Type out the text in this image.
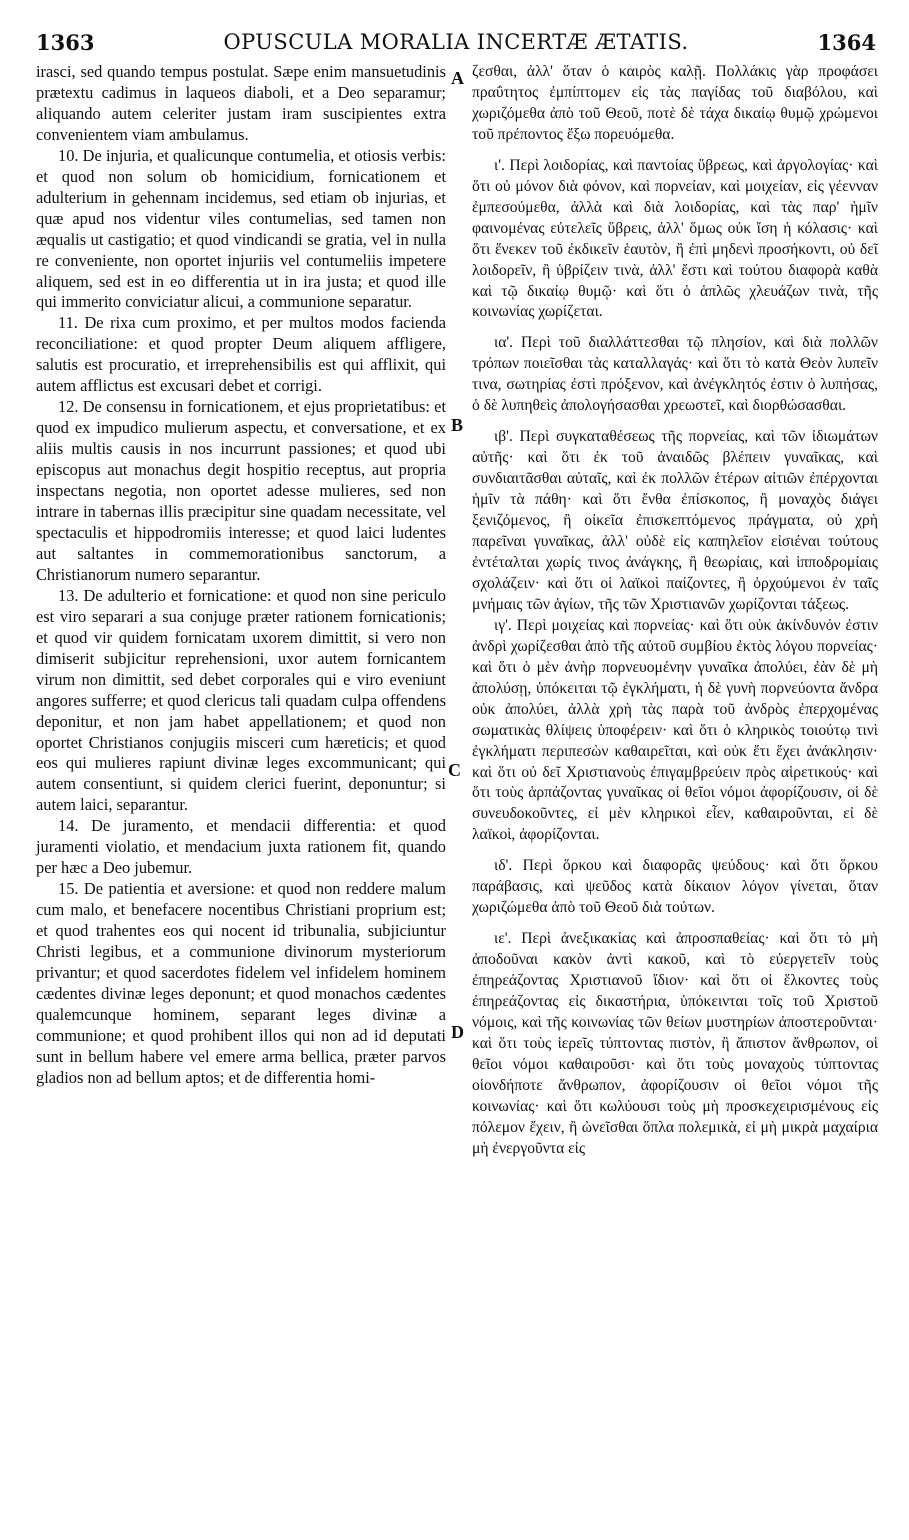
1363	OPUSCULA MORALIA INCERTÆ ÆTATIS.	1364

irasci, sed quando tempus postulat. Sæpe enim mansuetudinis prætextu cadimus in laqueos diaboli, et a Deo separamur; aliquando autem celeriter justam iram suscipientes extra convenientem viam ambulamus.

10. De injuria, et qualicunque contumelia, et otiosis verbis: et quod non solum ob homicidium, fornicationem et adulterium in gehennam incidemus, sed etiam ob injurias, et quæ apud nos videntur viles contumelias, sed tamen non æqualis ut castigatio; et quod vindicandi se gratia, vel in nulla re conveniente, non oportet injuriis vel contumeliis impetere aliquem, sed est in eo differentia ut in ira justa; et quod ille qui immerito conviciatur alicui, a communione separatur.

11. De rixa cum proximo, et per multos modos facienda reconciliatione: et quod propter Deum aliquem affligere, salutis est procuratio, et irreprehensibilis est qui afflixit, qui autem afflictus est excusari debet et corrigi.

12. De consensu in fornicationem, et ejus proprietatibus: et quod ex impudico mulierum aspectu, et conversatione, et ex aliis multis causis in nos incurrunt passiones; et quod ubi episcopus aut monachus degit hospitio receptus, aut propria inspectans negotia, non oportet adesse mulieres, sed non intrare in tabernas illis præcipitur sine quadam necessitate, vel spectaculis et hippodromiis interesse; et quod laici ludentes aut saltantes in commemorationibus sanctorum, a Christianorum numero separantur.

13. De adulterio et fornicatione: et quod non sine periculo est viro separari a sua conjuge præter rationem fornicationis; et quod vir quidem fornicatam uxorem dimittit, si vero non dimiserit subjicitur reprehensioni, uxor autem fornicantem virum non dimittit, sed debet corporales qui e viro eveniunt angores sufferre; et quod clericus tali quadam culpa offendens deponitur, et non jam habet appellationem; et quod non oportet Christianos conjugiis misceri cum hæreticis; et quod eos qui mulieres rapiunt divinæ leges excommunicant; qui autem consentiunt, si quidem clerici fuerint, deponuntur; si autem laici, separantur.

14. De juramento, et mendacii differentia: et quod juramenti violatio, et mendacium juxta rationem fit, quando per hæc a Deo jubemur.

15. De patientia et aversione: et quod non reddere malum cum malo, et benefacere nocentibus Christiani proprium est; et quod trahentes eos qui nocent id tribunalia, subjiciuntur Christi legibus, et a communione divinorum mysteriorum privantur; et quod sacerdotes fidelem vel infidelem hominem cædentes divinæ leges deponunt; et quod monachos cædentes qualemcunque hominem, separant leges divinæ a communione; et quod prohibent illos qui non ad id deputati sunt in bellum habere vel emere arma bellica, præter parvos gladios non ad bellum aptos; et de differentia homi-

ζεσθαι, ἀλλ' ὅταν ὁ καιρὸς καλῇ. Πολλάκις γὰρ προφάσει πραΰτητος ἐμπίπτομεν εἰς τὰς παγίδας τοῦ διαβόλου, καὶ χωριζόμεθα ἀπὸ τοῦ Θεοῦ, ποτὲ δὲ τάχα δικαίῳ θυμῷ χρώμενοι τοῦ πρέποντος ἔξω πορευόμεθα.

ι'. Περὶ λοιδορίας, καὶ παντοίας ὕβρεως, καὶ ἀργολογίας· καὶ ὅτι οὐ μόνον διὰ φόνον, καὶ πορνείαν, καὶ μοιχείαν, εἰς γέενναν ἐμπεσούμεθα, ἀλλὰ καὶ διὰ λοιδορίας, καὶ τὰς παρ' ἡμῖν φαινομένας εὐτελεῖς ὕβρεις, ἀλλ' ὅμως οὐκ ἴση ἡ κόλασις· καὶ ὅτι ἕνεκεν τοῦ ἐκδικεῖν ἑαυτὸν, ἢ ἐπὶ μηδενὶ προσήκοντι, οὐ δεῖ λοιδορεῖν, ἢ ὑβρίζειν τινὰ, ἀλλ' ἔστι καὶ τούτου διαφορὰ καθὰ καὶ τῷ δικαίῳ θυμῷ· καὶ ὅτι ὁ ἁπλῶς χλευάζων τινὰ, τῆς κοινωνίας χωρίζεται.

ια'. Περὶ τοῦ διαλλάττεσθαι τῷ πλησίον, καὶ διὰ πολλῶν τρόπων ποιεῖσθαι τὰς καταλλαγάς· καὶ ὅτι τὸ κατὰ Θεὸν λυπεῖν τινα, σωτηρίας ἐστὶ πρόξενον, καὶ ἀνέγκλητός ἐστιν ὁ λυπήσας, ὁ δὲ λυπηθεὶς ἀπολογήσασθαι χρεωστεῖ, καὶ διορθώσασθαι.

ιβ'. Περὶ συγκαταθέσεως τῆς πορνείας, καὶ τῶν ἰδιωμάτων αὐτῆς· καὶ ὅτι ἐκ τοῦ ἀναιδῶς βλέπειν γυναῖκας, καὶ συνδιαιτᾶσθαι αὐταῖς, καὶ ἐκ πολλῶν ἑτέρων αἰτιῶν ἐπέρχονται ἡμῖν τὰ πάθη· καὶ ὅτι ἔνθα ἐπίσκοπος, ἢ μοναχὸς διάγει ξενιζόμενος, ἢ οἰκεῖα ἐπισκεπτόμενος πράγματα, οὐ χρὴ παρεῖναι γυναῖκας, ἀλλ' οὐδὲ εἰς καπηλεῖον εἰσιέναι τούτους ἐντέταλται χωρίς τινος ἀνάγκης, ἢ θεωρίαις, καὶ ἱπποδρομίαις σχολάζειν· καὶ ὅτι οἱ λαϊκοὶ παίζοντες, ἢ ὀρχούμενοι ἐν ταῖς μνήμαις τῶν ἁγίων, τῆς τῶν Χριστιανῶν χωρίζονται τάξεως.

ιγ'. Περὶ μοιχείας καὶ πορνείας· καὶ ὅτι οὐκ ἀκίνδυνόν ἐστιν ἀνδρὶ χωρίζεσθαι ἀπὸ τῆς αὐτοῦ συμβίου ἐκτὸς λόγου πορνείας· καὶ ὅτι ὁ μὲν ἀνὴρ πορνευομένην γυναῖκα ἀπολύει, ἐὰν δὲ μὴ ἀπολύσῃ, ὑπόκειται τῷ ἐγκλήματι, ἡ δὲ γυνὴ πορνεύοντα ἄνδρα οὐκ ἀπολύει, ἀλλὰ χρὴ τὰς παρὰ τοῦ ἀνδρὸς ἐπερχομένας σωματικὰς θλίψεις ὑποφέρειν· καὶ ὅτι ὁ κληρικὸς τοιούτῳ τινὶ ἐγκλήματι περιπεσὼν καθαιρεῖται, καὶ οὐκ ἔτι ἔχει ἀνάκλησιν· καὶ ὅτι οὐ δεῖ Χριστιανοὺς ἐπιγαμβρεύειν πρὸς αἱρετικούς· καὶ ὅτι τοὺς ἁρπάζοντας γυναῖκας οἱ θεῖοι νόμοι ἀφορίζουσιν, οἱ δὲ συνευδοκοῦντες, εἰ μὲν κληρικοὶ εἶεν, καθαιροῦνται, εἰ δὲ λαϊκοὶ, ἀφορίζονται.

ιδ'. Περὶ ὅρκου καὶ διαφορᾶς ψεύδους· καὶ ὅτι ὅρκου παράβασις, καὶ ψεῦδος κατὰ δίκαιον λόγον γίνεται, ὅταν χωριζώμεθα ἀπὸ τοῦ Θεοῦ διὰ τούτων.

ιε'. Περὶ ἀνεξικακίας καὶ ἀπροσπαθείας· καὶ ὅτι τὸ μὴ ἀποδοῦναι κακὸν ἀντὶ κακοῦ, καὶ τὸ εὐεργετεῖν τοὺς ἐπηρεάζοντας Χριστιανοῦ ἴδιον· καὶ ὅτι οἱ ἕλκοντες τοὺς ἐπηρεάζοντας εἰς δικαστήρια, ὑπόκεινται τοῖς τοῦ Χριστοῦ νόμοις, καὶ τῆς κοινωνίας τῶν θείων μυστηρίων ἀποστεροῦνται· καὶ ὅτι τοὺς ἱερεῖς τύπτοντας πιστὸν, ἢ ἄπιστον ἄνθρωπον, οἱ θεῖοι νόμοι καθαιροῦσι· καὶ ὅτι τοὺς μοναχοὺς τύπτοντας οἱονδήποτε ἄνθρωπον, ἀφορίζουσιν οἱ θεῖοι νόμοι τῆς κοινωνίας· καὶ ὅτι κωλύουσι τοὺς μὴ προσκεχειρισμένους εἰς πόλεμον ἔχειν, ἢ ὠνεῖσθαι ὅπλα πολεμικὰ, εἰ μὴ μικρὰ μαχαίρια μὴ ἐνεργοῦντα εἰς

A
B
C
D
